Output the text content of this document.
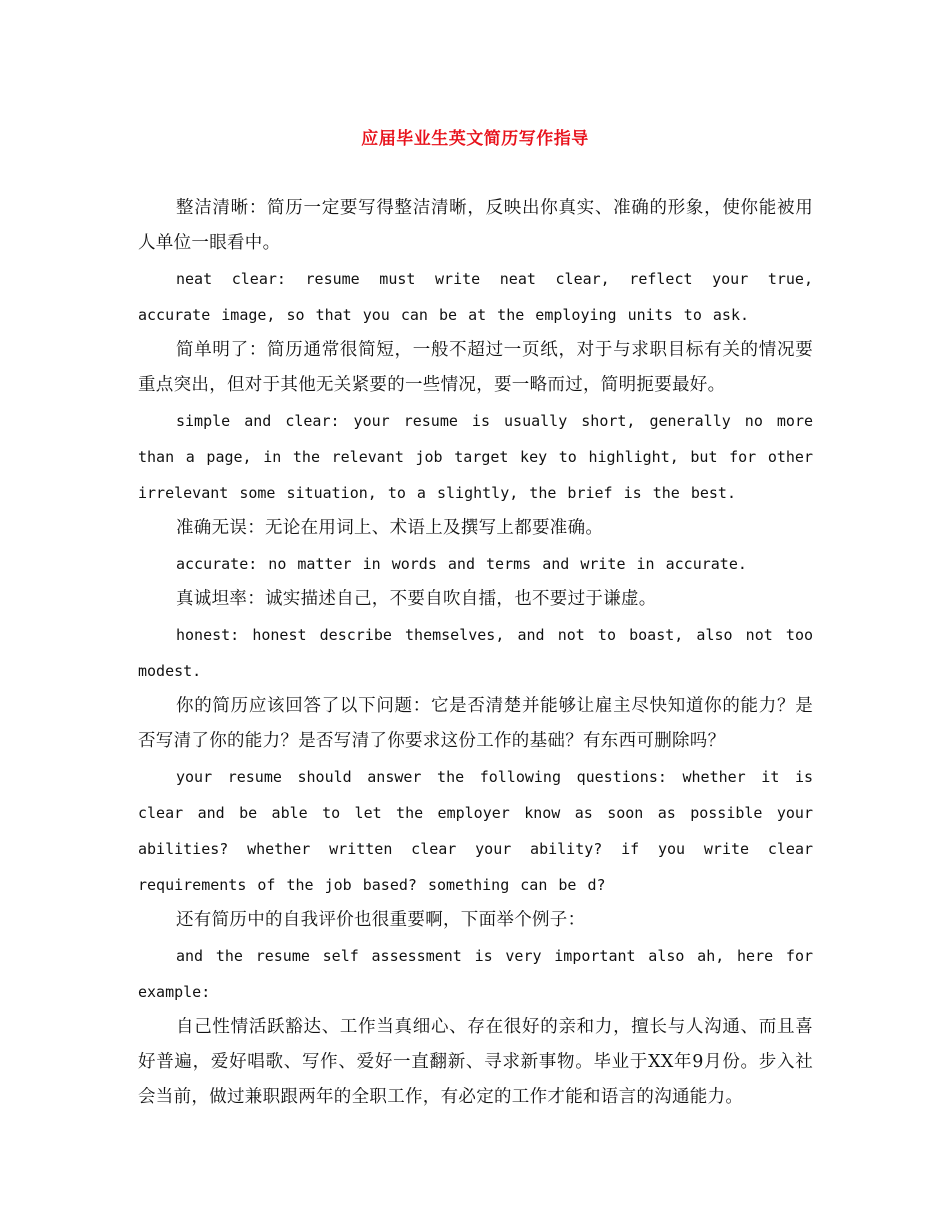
应届毕业生英文简历写作指导

整洁清晰：简历一定要写得整洁清晰，反映出你真实、准确的形象，使你能被用人单位一眼看中。

neat clear: resume must write neat clear, reflect your true, accurate image, so that you can be at the employing units to ask.

简单明了：简历通常很简短，一般不超过一页纸，对于与求职目标有关的情况要重点突出，但对于其他无关紧要的一些情况，要一略而过，简明扼要最好。

simple and clear: your resume is usually short, generally no more than a page, in the relevant job target key to highlight, but for other irrelevant some situation, to a slightly, the brief is the best.

准确无误：无论在用词上、术语上及撰写上都要准确。

accurate: no matter in words and terms and write in accurate.

真诚坦率：诚实描述自己，不要自吹自擂，也不要过于谦虚。

honest: honest describe themselves, and not to boast, also not too modest.

你的简历应该回答了以下问题：它是否清楚并能够让雇主尽快知道你的能力？是否写清了你的能力？是否写清了你要求这份工作的基础？有东西可删除吗？

your resume should answer the following questions: whether it is clear and be able to let the employer know as soon as possible your abilities? whether written clear your ability? if you write clear requirements of the job based? something can be d?

还有简历中的自我评价也很重要啊，下面举个例子：

and the resume self assessment is very important also ah, here for example:

自己性情活跃豁达、工作当真细心、存在很好的亲和力，擅长与人沟通、而且喜好普遍，爱好唱歌、写作、爱好一直翻新、寻求新事物。毕业于XX年9月份。步入社会当前，做过兼职跟两年的全职工作，有必定的工作才能和语言的沟通能力。
